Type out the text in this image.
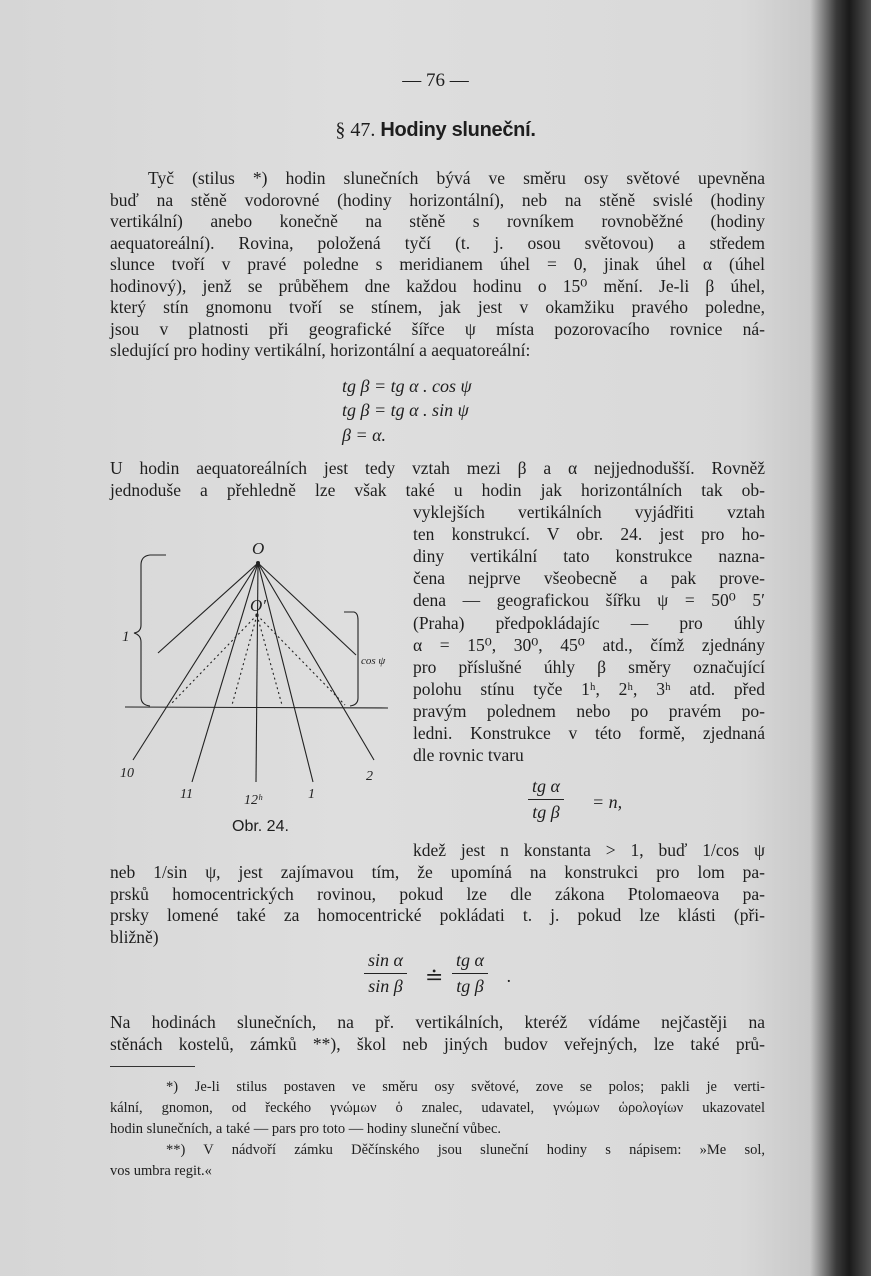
— 76 —
§ 47. Hodiny sluneční.
Tyč (stilus *) hodin slunečních bývá ve směru osy světové upevněna
buď na stěně vodorovné (hodiny horizontální), neb na stěně svislé (hodiny
vertikální) anebo konečně na stěně s rovníkem rovnoběžné (hodiny
aequatoreální). Rovina, položená tyčí (t. j. osou světovou) a středem
slunce tvoří v pravé poledne s meridianem úhel = 0, jinak úhel α (úhel
hodinový), jenž se průběhem dne každou hodinu o 15⁰ mění. Je-li β úhel,
který stín gnomonu tvoří se stínem, jak jest v okamžiku pravého poledne,
jsou v platnosti při geografické šířce ψ místa pozorovacího rovnice ná-
sledující pro hodiny vertikální, horizontální a aequatoreální:
U hodin aequatoreálních jest tedy vztah mezi β a α nejjednodušší. Rovněž
jednoduše a přehledně lze však také u hodin jak horizontálních tak ob-
vyklejších vertikálních vyjádřiti vztah
ten konstrukcí. V obr. 24. jest pro ho-
diny vertikální tato konstrukce nazna-
čena nejprve všeobecně a pak prove-
dena — geografickou šířku ψ = 50⁰ 5′
(Praha) předpokládajíc — pro úhly
α = 15⁰, 30⁰, 45⁰ atd., čímž zjednány
pro příslušné úhly β směry označující
polohu stínu tyče 1ʰ, 2ʰ, 3ʰ atd. před
pravým polednem nebo po pravém po-
ledni. Konstrukce v této formě, zjednaná
dle rovnic tvaru
neb 1/sin ψ, jest zajímavou tím, že upomíná na konstrukci pro lom pa-
prsků homocentrických rovinou, pokud lze dle zákona Ptolomaeova pa-
prsky lomené také za homocentrické pokládati t. j. pokud lze klásti (při-
bližně)
Na hodinách slunečních, na př. vertikálních, kteréž vídáme nejčastěji na
stěnách kostelů, zámků **), škol neb jiných budov veřejných, lze také prů-
*) Je-li stilus postaven ve směru osy světové, zove se polos; pakli je verti-
kální, gnomon, od řeckého γνώμων ὁ znalec, udavatel, γνώμων ὡρολογίων ukazovatel
hodin slunečních, a také — pars pro toto — hodiny sluneční vůbec.
**) V nádvoří zámku Děčínského jsou sluneční hodiny s nápisem: »Me sol,
vos umbra regit.«
kdež jest n konstanta > 1, buď 1/cos ψ
tg β = tg α . cos ψ
tg β = tg α . sin ψ
β = α.
O
O′
1
cos ψ
10
11	12ʰ	1
2
Obr. 24.
$\frac{\text{tg α}}{\text{tg β}} = n$,
$\frac{\text{sin α}}{\text{sin β}}$ ≐ $\frac{\text{tg α}}{\text{tg β}}$ .
